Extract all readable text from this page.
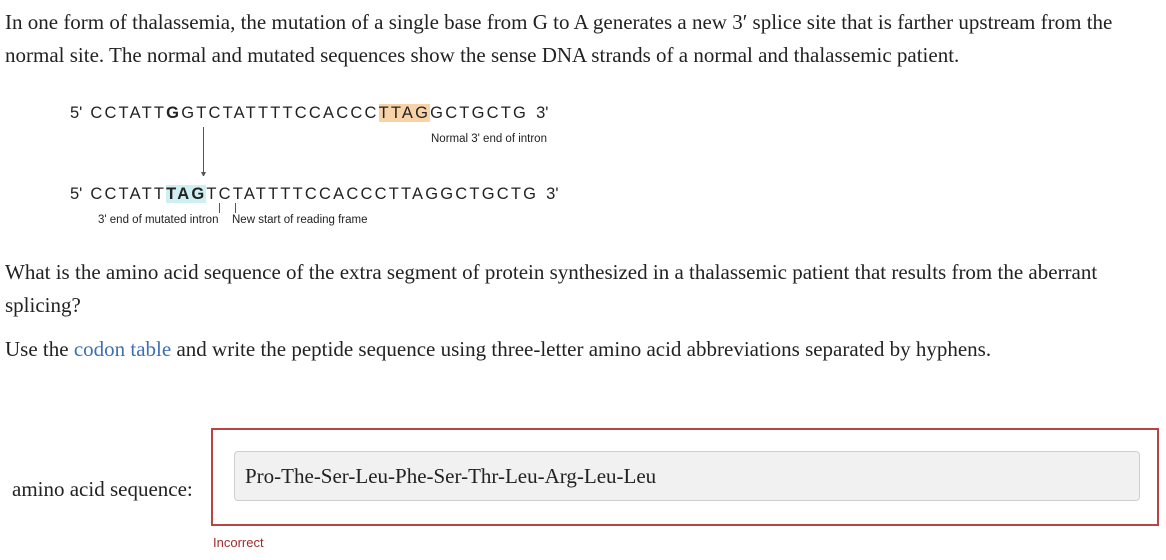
In one form of thalassemia, the mutation of a single base from G to A generates a new 3′ splice site that is farther upstream from the normal site. The normal and mutated sequences show the sense DNA strands of a normal and thalassemic patient.

5' CCTATTGGTCTATTTTCCACCCTTAGGCTGCTG 3'
Normal 3' end of intron
5' CCTATTTAGTCTATTTTCCACCCTTAGGCTGCTG 3'
3' end of mutated intron New start of reading frame

What is the amino acid sequence of the extra segment of protein synthesized in a thalassemic patient that results from the aberrant splicing?

Use the codon table and write the peptide sequence using three-letter amino acid abbreviations separated by hyphens.

amino acid sequence:
Pro-The-Ser-Leu-Phe-Ser-Thr-Leu-Arg-Leu-Leu
Incorrect
